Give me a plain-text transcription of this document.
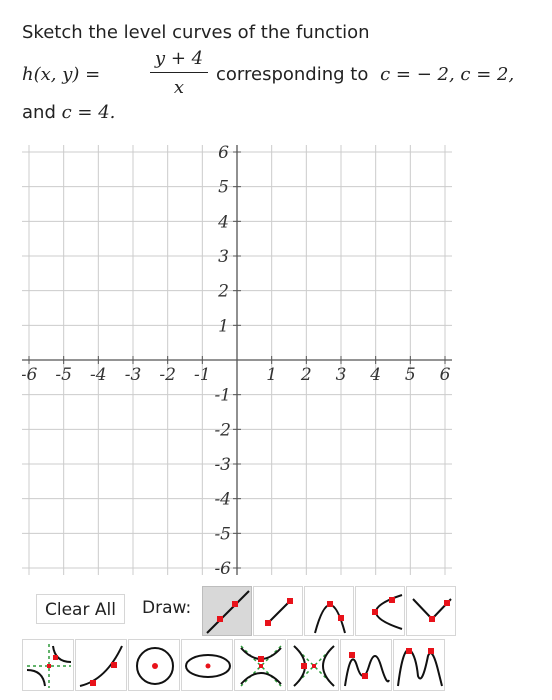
Sketch the level curves of the function
h(x, y) =
y + 4
x
corresponding to c = − 2, c = 2,
and c = 4.
-6 -5 -4 -3 -2 -1	1 2 3 4 5 6
6
5
4
3
2
1
-1
-2
-3
-4
-5
-6
Clear All	Draw:
